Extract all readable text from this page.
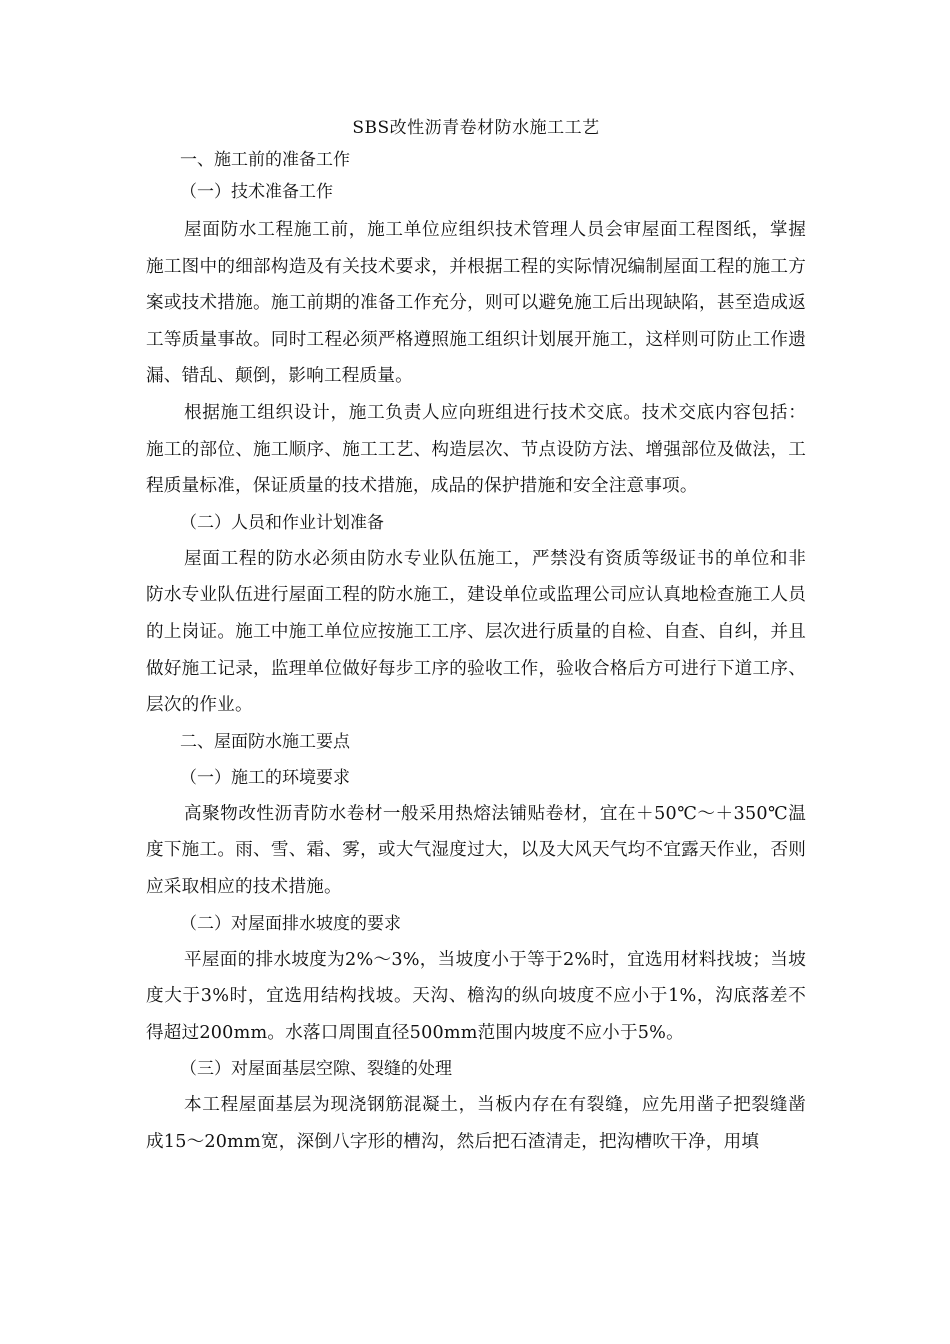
SBS改性沥青卷材防水施工工艺
一、施工前的准备工作
（一）技术准备工作

屋面防水工程施工前，施工单位应组织技术管理人员会审屋面工程图纸，掌握施工图中的细部构造及有关技术要求，并根据工程的实际情况编制屋面工程的施工方案或技术措施。施工前期的准备工作充分，则可以避免施工后出现缺陷，甚至造成返工等质量事故。同时工程必须严格遵照施工组织计划展开施工，这样则可防止工作遗漏、错乱、颠倒，影响工程质量。

根据施工组织设计，施工负责人应向班组进行技术交底。技术交底内容包括：施工的部位、施工顺序、施工工艺、构造层次、节点设防方法、增强部位及做法，工程质量标准，保证质量的技术措施，成品的保护措施和安全注意事项。

（二）人员和作业计划准备

屋面工程的防水必须由防水专业队伍施工，严禁没有资质等级证书的单位和非防水专业队伍进行屋面工程的防水施工，建设单位或监理公司应认真地检查施工人员的上岗证。施工中施工单位应按施工工序、层次进行质量的自检、自查、自纠，并且做好施工记录，监理单位做好每步工序的验收工作，验收合格后方可进行下道工序、层次的作业。

二、屋面防水施工要点
（一）施工的环境要求

高聚物改性沥青防水卷材一般采用热熔法铺贴卷材，宜在＋50℃～＋350℃温度下施工。雨、雪、霜、雾，或大气湿度过大，以及大风天气均不宜露天作业，否则应采取相应的技术措施。

（二）对屋面排水坡度的要求

平屋面的排水坡度为2%～3%，当坡度小于等于2%时，宜选用材料找坡；当坡度大于3%时，宜选用结构找坡。天沟、檐沟的纵向坡度不应小于1%，沟底落差不得超过200mm。水落口周围直径500mm范围内坡度不应小于5%。

（三）对屋面基层空隙、裂缝的处理

本工程屋面基层为现浇钢筋混凝土，当板内存在有裂缝，应先用凿子把裂缝凿成15～20mm宽，深倒八字形的槽沟，然后把石渣清走，把沟槽吹干净，用填
